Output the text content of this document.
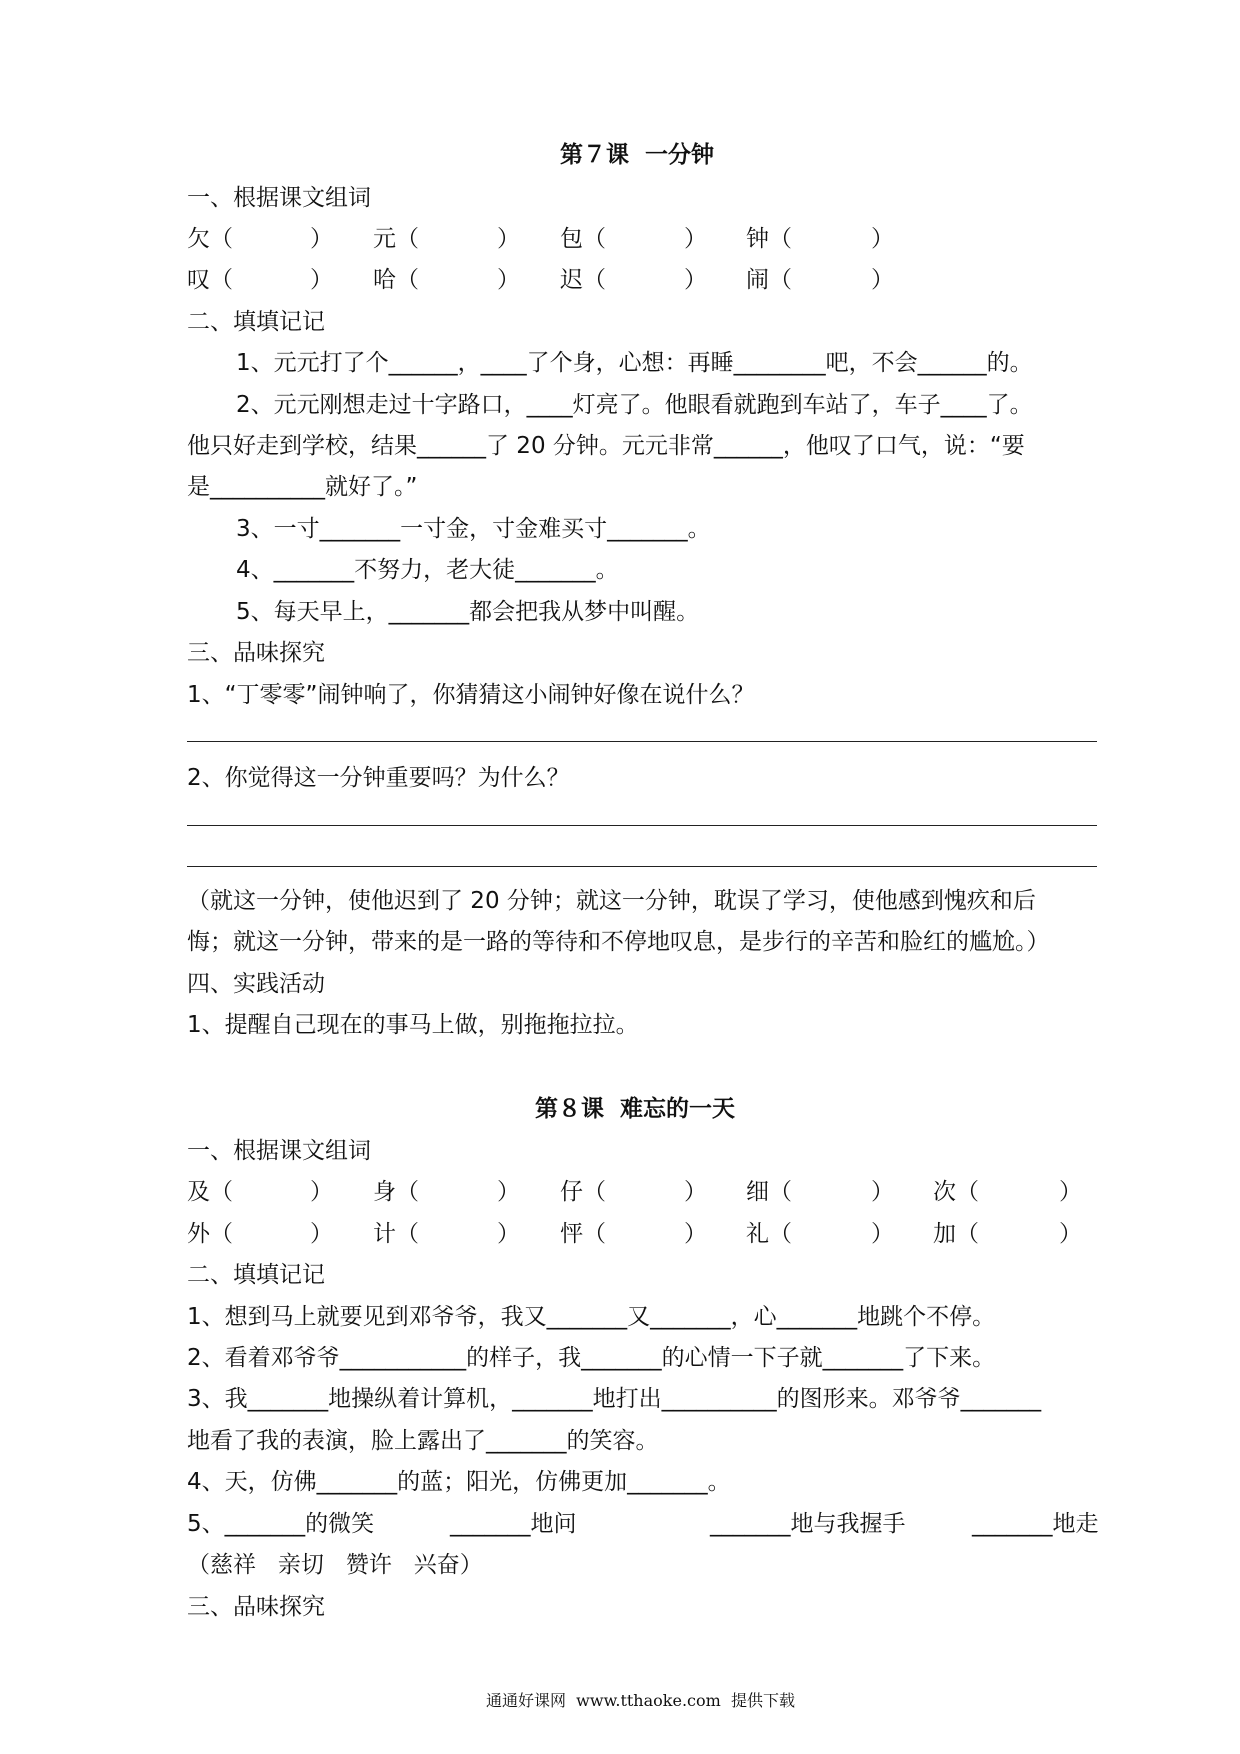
第７课  一分钟
一、根据课文组词
欠（	） 元（	） 包（	） 钟（	）
叹（	） 哈（	） 迟（	） 闹（	）
二、填填记记
1、元元打了个______，____了个身，心想：再睡________吧，不会______的。
2、元元刚想走过十字路口，____灯亮了。他眼看就跑到车站了，车子____了。
他只好走到学校，结果______了 20 分钟。元元非常______，他叹了口气，说：“要
是__________就好了。”
3、一寸_______一寸金，寸金难买寸_______。
4、_______不努力，老大徒_______。
5、每天早上，_______都会把我从梦中叫醒。
三、品味探究
1、“丁零零”闹钟响了，你猜猜这小闹钟好像在说什么？
2、你觉得这一分钟重要吗？为什么？
（就这一分钟，使他迟到了 20 分钟；就这一分钟，耽误了学习，使他感到愧疚和后
悔；就这一分钟，带来的是一路的等待和不停地叹息，是步行的辛苦和脸红的尴尬。）
四、实践活动
1、提醒自己现在的事马上做，别拖拖拉拉。
第８课  难忘的一天
一、根据课文组词
及（	） 身（	） 仔（	） 细（	） 次（	）
外（	） 计（	） 怦（	） 礼（	） 加（	）
二、填填记记
1、想到马上就要见到邓爷爷，我又_______又_______，心_______地跳个不停。
2、看着邓爷爷___________的样子，我_______的心情一下子就_______了下来。
3、我_______地操纵着计算机，_______地打出__________的图形来。邓爷爷_______
地看了我的表演，脸上露出了_______的笑容。
4、天，仿佛_______的蓝；阳光，仿佛更加_______。
5、_______的微笑	_______地问	_______地与我握手	_______地走
（慈祥   亲切   赞许   兴奋）
三、品味探究
通通好课网  www.tthaoke.com  提供下载
